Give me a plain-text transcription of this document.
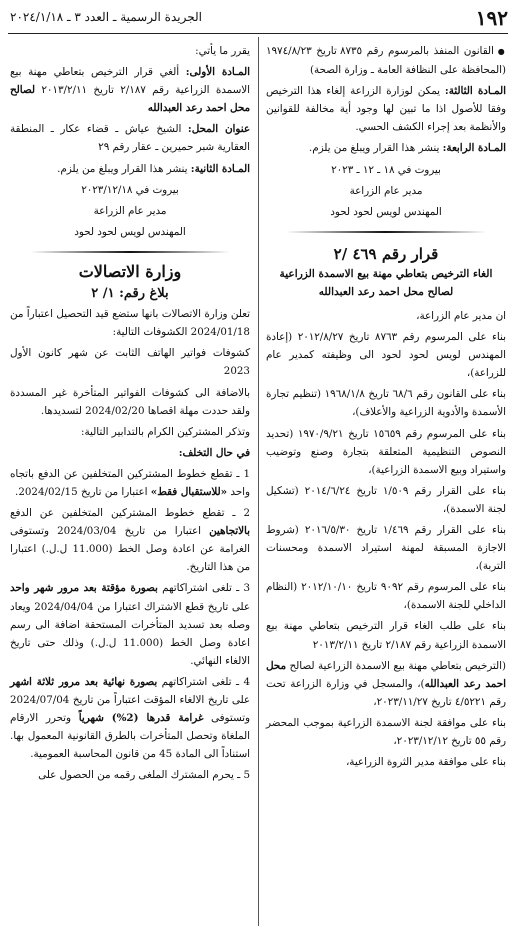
١٩٢
الجريدة الرسمية ـ العدد ٣ ـ ٢٠٢٤/١/١٨

● القانون المنفذ بالمرسوم رقم ٨٧٣٥ تاريخ ١٩٧٤/٨/٢٣ (المحافظة على النظافة العامة ـ وزارة الصحة)

المـادة الثالثة: يمكن لوزارة الزراعة إلغاء هذا الترخيص وفقا للأصول اذا ما تبين لها وجود أية مخالفة للقوانين والأنظمة بعد إجراء الكشف الحسي.

المـادة الرابعة: ينشر هذا القرار ويبلغ من يلزم.

بيروت في ١٨ ـ ١٢ ـ ٢٠٢٣

مدير عام الزراعة

المهندس لويس لحود لحود

قرار رقم ٤٦٩ /٢
الغاء الترخيص بتعاطي مهنة بيع الاسمدة الزراعية لصالح محل احمد رعد العبدالله

ان مدير عام الزراعة،

بناء على المرسوم رقم ٨٧٦٣ تاريخ ٢٠١٢/٨/٢٧ (إعادة المهندس لويس لحود لحود الى وظيفته كمدير عام للزراعة)،

بناء على القانون رقم ٦٨/٦ تاريخ ١٩٦٨/١/٨ (تنظيم تجارة الأسمدة والأدوية الزراعية والأعلاف)،

بناء على المرسوم رقم ١٥٦٥٩ تاريخ ١٩٧٠/٩/٢١ (تحديد النصوص التنظيمية المتعلقة بتجارة وصنع وتوضيب واستيراد وبيع الاسمدة الزراعية)،

بناء على القرار رقم ١/٥٠٩ تاريخ ٢٠١٤/٦/٢٤ (تشكيل لجنة الاسمدة)،

بناء على القرار رقم ١/٤٦٩ تاريخ ٢٠١٦/٥/٣٠ (شروط الاجازة المسبقة لمهنة استيراد الاسمدة ومحسنات التربة)،

بناء على المرسوم رقم ٩٠٩٢ تاريخ ٢٠١٢/١٠/١٠ (النظام الداخلي للجنة الاسمدة)،

بناء على طلب الغاء قرار الترخيص بتعاطي مهنة بيع الاسمدة الزراعية رقم ٢/١٨٧ تاريخ ٢٠١٣/٢/١١

(الترخيص بتعاطي مهنة بيع الاسمدة الزراعية لصالح محل احمد رعد العبدالله)، والمسجل في وزارة الزراعة تحت رقم ٤/٥٢٢١ تاريخ ٢٠٢٣/١١/٢٧،

بناء على موافقة لجنة الاسمدة الزراعية بموجب المحضر رقم ٥٥ تاريخ ٢٠٢٣/١٢/١٢،

بناء على موافقة مدير الثروة الزراعية،

يقرر ما يأتي:

المـادة الأولى: ألغي قرار الترخيص بتعاطي مهنة بيع الاسمدة الزراعية رقم ٢/١٨٧ تاريخ ٢٠١٣/٢/١١ لصالح محل احمد رعد العبدالله

عنوان المحل: الشيخ عياش ـ قضاء عكار ـ المنطقة العقارية شبر حميرين ـ عقار رقم ٢٩

المـادة الثانية: ينشر هذا القرار ويبلغ من يلزم.

بيروت في ٢٠٢٣/١٢/١٨

مدير عام الزراعة

المهندس لويس لحود لحود

وزارة الاتصالات
بلاغ رقم: ١/ ٢

تعلن وزارة الاتصالات بانها ستضع قيد التحصيل اعتباراً من 2024/01/18 الكشوفات التالية:

كشوفات فواتير الهاتف الثابت عن شهر كانون الأول 2023

بالاضافة الى كشوفات الفواتير المتأخرة غير المسددة ولقد حددت مهلة اقصاها 2024/02/20 لتسديدها.

وتذكر المشتركين الكرام بالتدابير التالية:

في حال التخلف:

1 ـ تقطع خطوط المشتركين المتخلفين عن الدفع باتجاه واحد «للاستقبال فقط» اعتبارا من تاريخ 2024/02/15.

2 ـ تقطع خطوط المشتركين المتخلفين عن الدفع بالاتجاهين اعتبارا من تاريخ 2024/03/04 وتستوفى الغرامة عن اعادة وصل الخط (11.000 ل.ل.) اعتبارا من هذا التاريخ.

3 ـ تلغى اشتراكاتهم بصورة مؤقتة بعد مرور شهر واحد على تاريخ قطع الاشتراك اعتبارا من 2024/04/04 ويعاد وصله بعد تسديد المتأخرات المستحقة اضافة الى رسم اعادة وصل الخط (11.000 ل.ل.) وذلك حتى تاريخ الالغاء النهائي.

4 ـ تلغى اشتراكاتهم بصورة نهائية بعد مرور ثلاثة اشهر على تاريخ الالغاء المؤقت اعتباراً من تاريخ 2024/07/04 وتستوفى غرامة قدرها (2%) شهرياً وتحرر الارقام الملغاة وتحصل المتأخرات بالطرق القانونية المعمول بها. استناداً الى المادة 45 من قانون المحاسبة العمومية.

5 ـ يحرم المشترك الملغى رقمه من الحصول على
